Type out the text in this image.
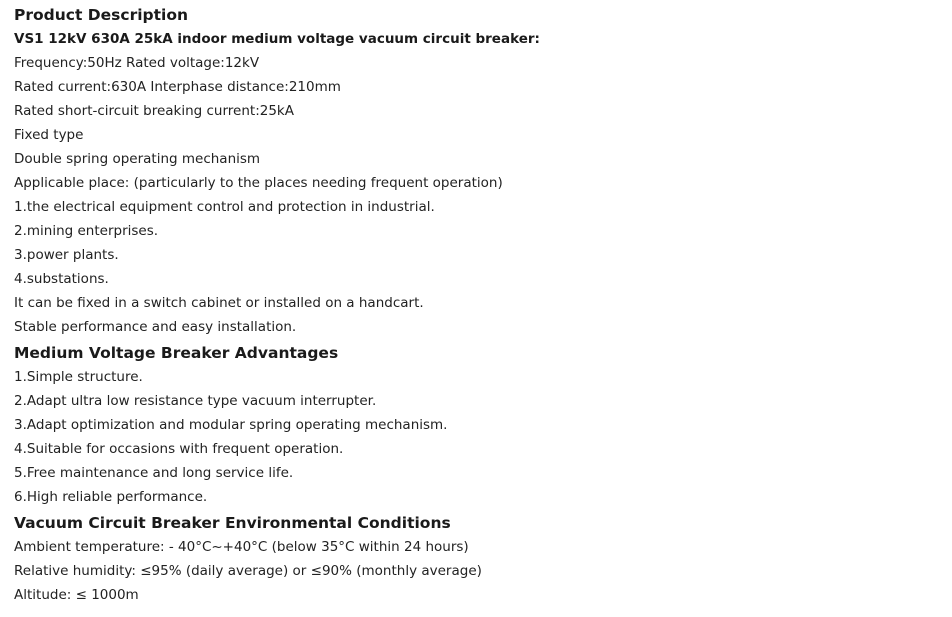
Product Description
VS1 12kV 630A 25kA indoor medium voltage vacuum circuit breaker:
Frequency:50Hz Rated voltage:12kV
Rated current:630A Interphase distance:210mm
Rated short-circuit breaking current:25kA
Fixed type
Double spring operating mechanism
Applicable place: (particularly to the places needing frequent operation)
1.the electrical equipment control and protection in industrial.
2.mining enterprises.
3.power plants.
4.substations.
It can be fixed in a switch cabinet or installed on a handcart.
Stable performance and easy installation.
Medium Voltage Breaker Advantages
1.Simple structure.
2.Adapt ultra low resistance type vacuum interrupter.
3.Adapt optimization and modular spring operating mechanism.
4.Suitable for occasions with frequent operation.
5.Free maintenance and long service life.
6.High reliable performance.
Vacuum Circuit Breaker Environmental Conditions
Ambient temperature: - 40°C~+40°C (below 35°C within 24 hours)
Relative humidity: ≤95% (daily average) or ≤90% (monthly average)
Altitude: ≤ 1000m
